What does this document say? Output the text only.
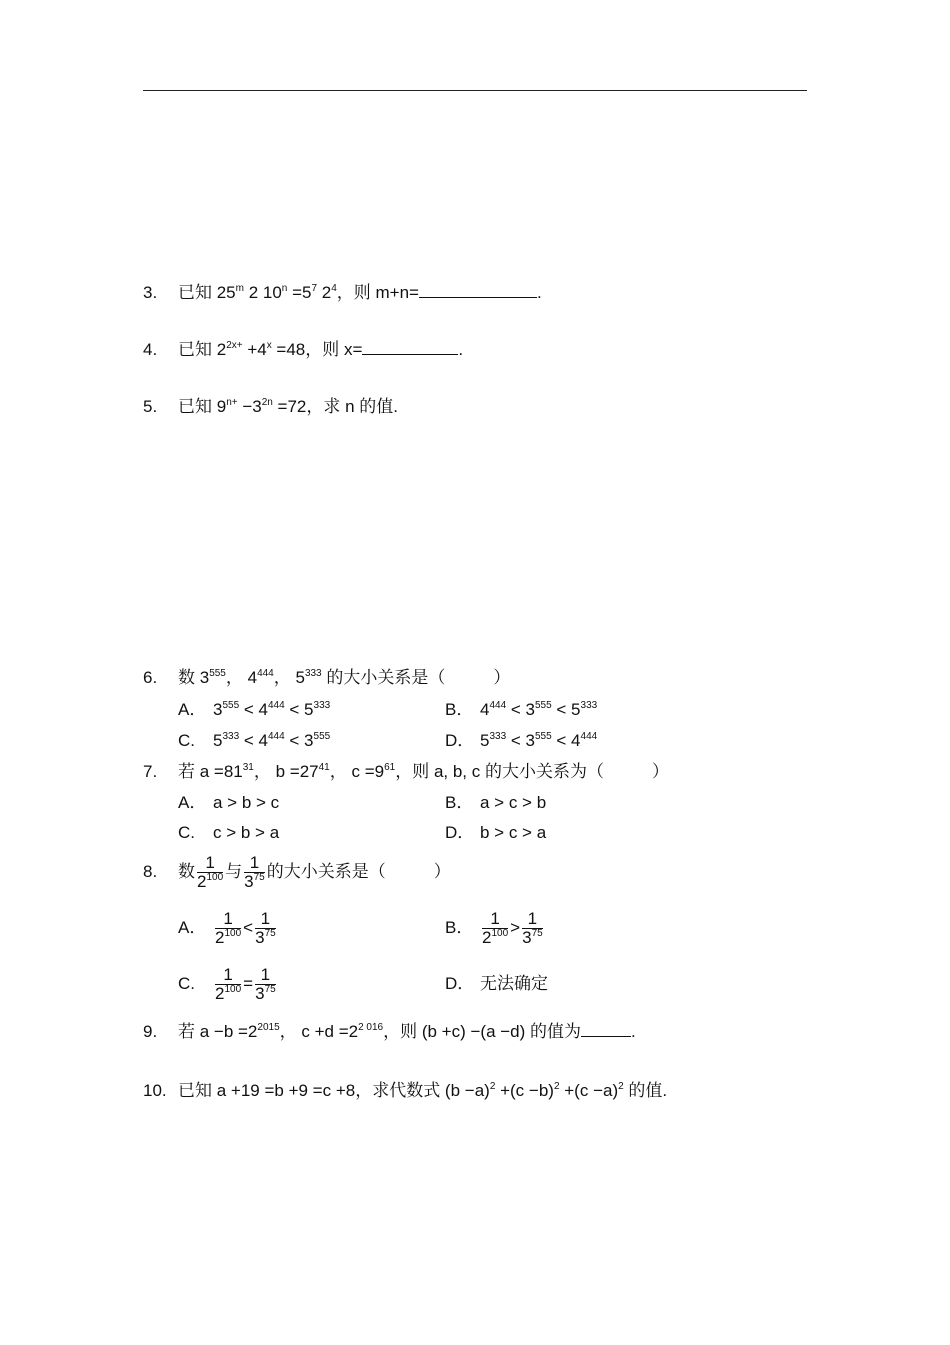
3. 已知 25$^m$ 2 $10^n =5^7$ $2^4$，则 m+n=	.
4. 已知 $2^{2x+} +4^x =48$，则 x=	.
5. 已知 $9^{n+} -3^{2n} =72$，求 n 的值.
6. 数 $3^{555}$， $4^{444}$， $5^{333}$ 的大小关系是（	）
A． $3^{555} < 4^{444} < 5^{333}$	B． $4^{444} < 3^{555} < 5^{333}$
C. $5^{333} < 4^{444} < 3^{555}$	D． $5^{333} < 3^{555} < 4^{444}$
7. 若 $a =81^{31}$， $b =27^{41}$， $c =9^{61}$，则 a, b, c 的大小关系为（	）
A． a > b > c	B． a > c > b
C. c > b > a	D． b > c > a
8. 数 $\frac{1}{2^{100}}$ 与 $\frac{1}{3^{75}}$ 的大小关系是（	）
A． $\frac{1}{2^{100}} < \frac{1}{3^{75}}$	B． $\frac{1}{2^{100}} > \frac{1}{3^{75}}$
C. $\frac{1}{2^{100}} = \frac{1}{3^{75}}$	D． 无法确定
9. 若 $a -b =2^{2015}$， $c +d =2^{2 016}$，则 (b +c) −(a −d) 的值为	.
10. 已知 a +19 =b +9 =c +8，求代数式 $(b -a)^2 +(c -b)^2 +(c -a)^2$ 的值.
